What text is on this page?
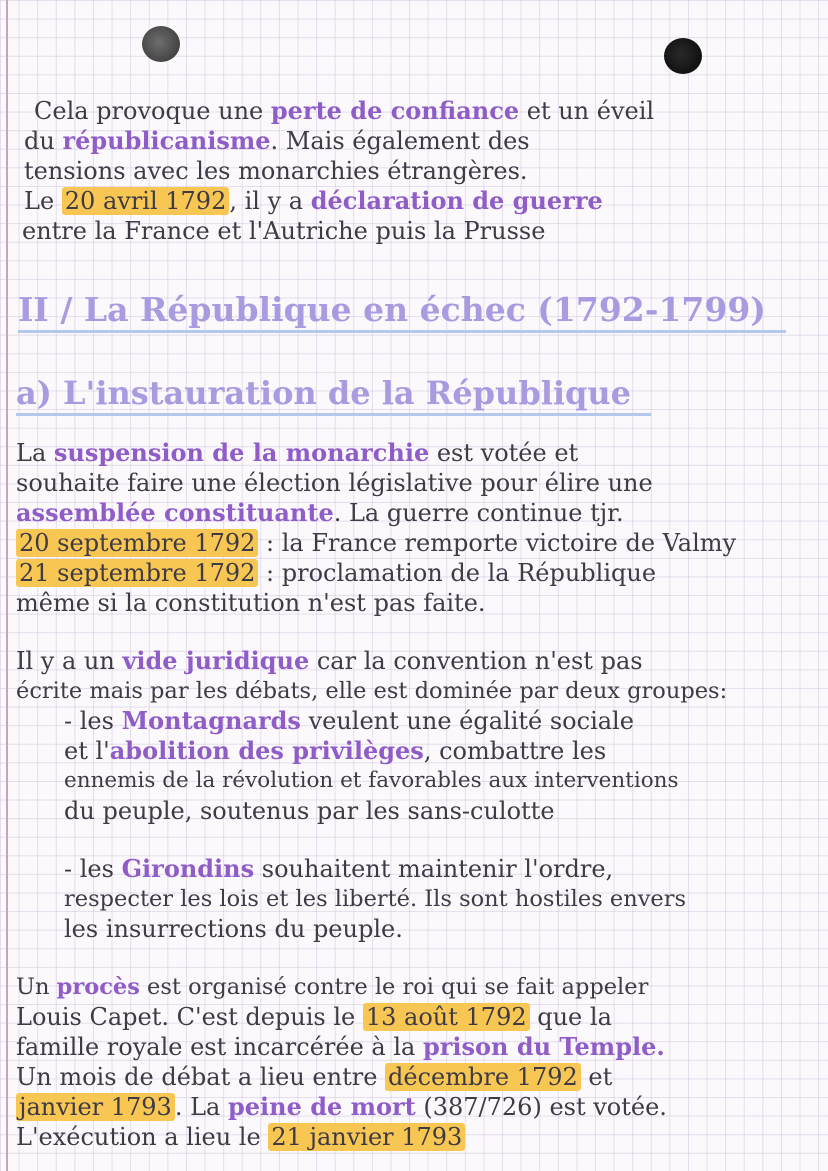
Cela provoque une perte de confiance et un éveil
du républicanisme. Mais également des
tensions avec les monarchies étrangères.
Le 20 avril 1792 , il y a déclaration de guerre
entre la France et l'Autriche puis la Prusse
II / La République en échec (1792-1799)
a) L'instauration de la République
La suspension de la monarchie est votée et
souhaite faire une élection législative pour élire une
assemblée constituante. La guerre continue tjr.
20 septembre 1792 : la France remporte victoire de Valmy
21 septembre 1792 : proclamation de la République
même si la constitution n'est pas faite.
Il y a un vide juridique car la convention n'est pas
écrite mais par les débats, elle est dominée par deux groupes:
- les Montagnards veulent une égalité sociale
et l'abolition des privilèges, combattre les
ennemis de la révolution et favorables aux interventions
du peuple, soutenus par les sans-culotte
- les Girondins souhaitent maintenir l'ordre,
respecter les lois et les liberté. Ils sont hostiles envers
les insurrections du peuple.
Un procès est organisé contre le roi qui se fait appeler
Louis Capet. C'est depuis le 13 août 1792 que la
famille royale est incarcérée à la prison du Temple.
Un mois de débat a lieu entre décembre 1792 et
janvier 1793 . La peine de mort (387/726) est votée.
L'exécution a lieu le 21 janvier 1793
